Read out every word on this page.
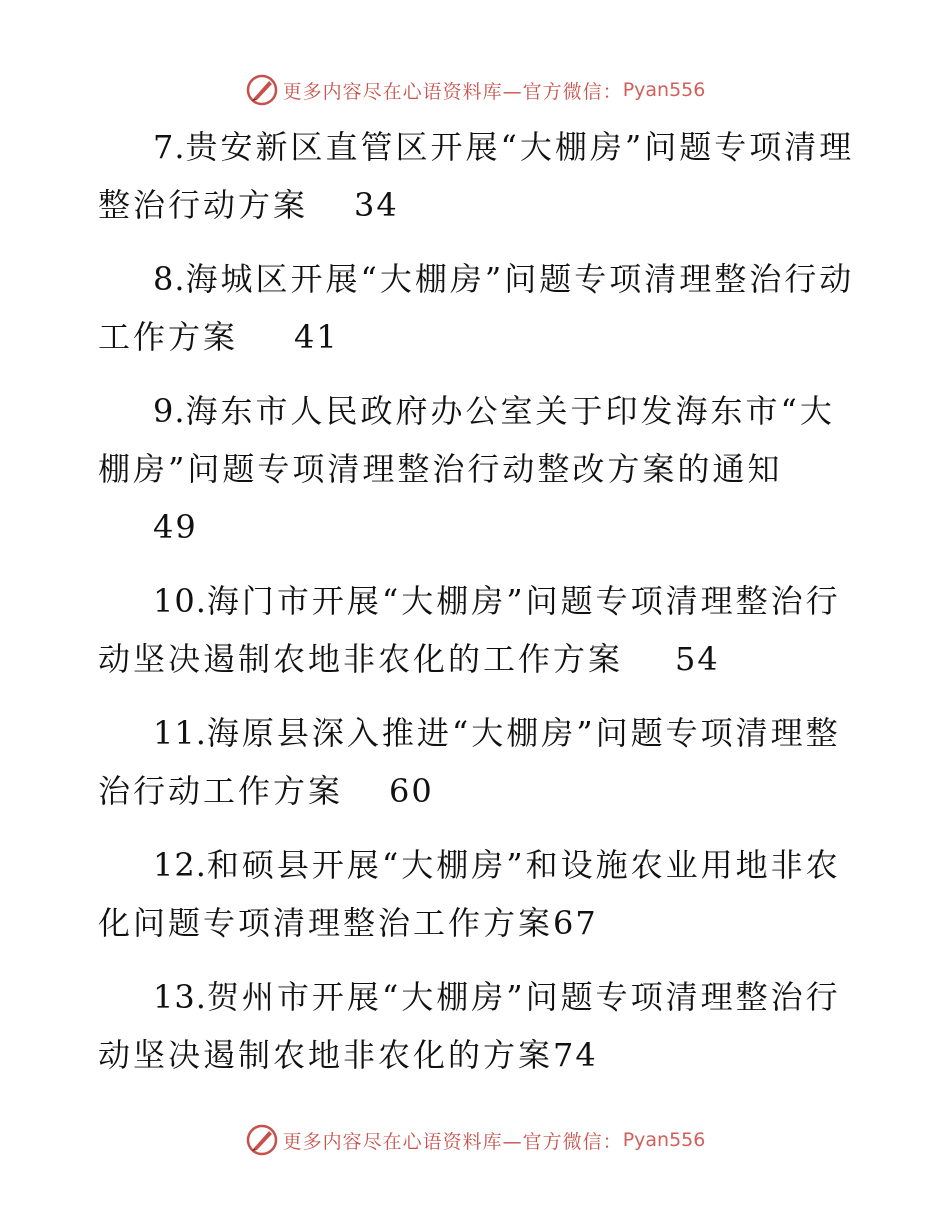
更多内容尽在心语资料库— 官方微信： Pyan556
7.贵安新区直管区开展“大棚房”问题专项清理整治行动方案 34
8.海城区开展“大棚房”问题专项清理整治行动工作方案 41
9.海东市人民政府办公室关于印发海东市“大棚房”问题专项清理整治行动整改方案的通知
49
10.海门市开展“大棚房”问题专项清理整治行动坚决遏制农地非农化的工作方案 54
11.海原县深入推进“大棚房”问题专项清理整治行动工作方案 60
12.和硕县开展“大棚房”和设施农业用地非农化问题专项清理整治工作方案67
13.贺州市开展“大棚房”问题专项清理整治行动坚决遏制农地非农化的方案74
更多内容尽在心语资料库— 官方微信： Pyan556
